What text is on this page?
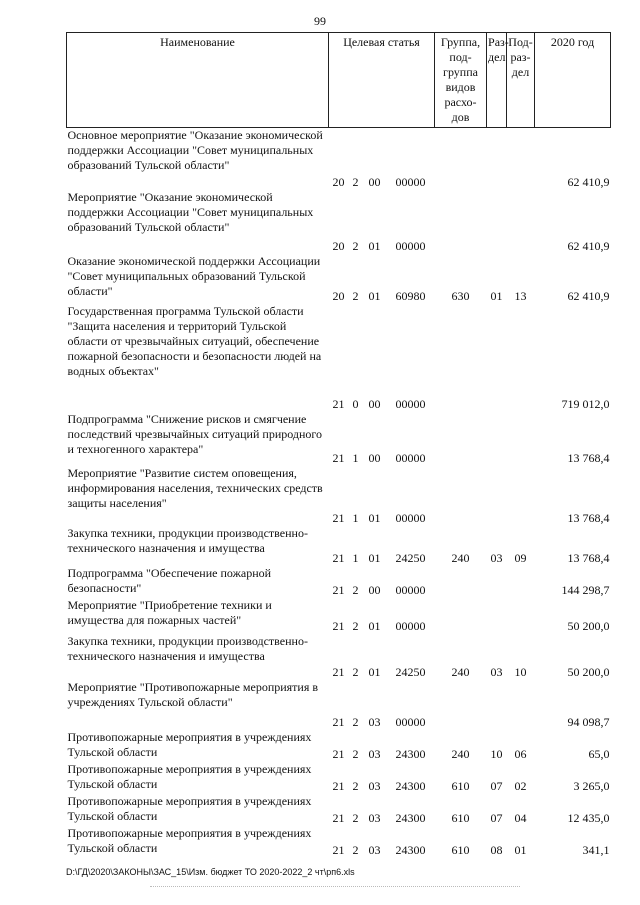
99
Наименование	Целевая статья				Группа, под-группа видов расхо-дов	Раз-дел	Под-раз-дел	2020 год
Основное мероприятие "Оказание экономической поддержки Ассоциации "Совет муниципальных образований Тульской области"	20	2	00	00000				62 410,9
Мероприятие "Оказание экономической поддержки Ассоциации "Совет муниципальных образований Тульской области"	20	2	01	00000				62 410,9
Оказание экономической поддержки Ассоциации "Совет муниципальных образований Тульской области"	20	2	01	60980	630	01	13	62 410,9
Государственная программа Тульской области "Защита населения и территорий Тульской области от чрезвычайных ситуаций, обеспечение пожарной безопасности и безопасности людей на водных объектах"	21	0	00	00000				719 012,0
Подпрограмма "Снижение рисков и смягчение последствий чрезвычайных ситуаций природного и техногенного характера"	21	1	00	00000				13 768,4
Мероприятие "Развитие систем оповещения, информирования населения, технических средств защиты населения"	21	1	01	00000				13 768,4
Закупка техники, продукции производственно-технического назначения и имущества	21	1	01	24250	240	03	09	13 768,4
Подпрограмма "Обеспечение пожарной безопасности"	21	2	00	00000				144 298,7
Мероприятие "Приобретение техники и имущества для пожарных частей"	21	2	01	00000				50 200,0
Закупка техники, продукции производственно-технического назначения и имущества	21	2	01	24250	240	03	10	50 200,0
Мероприятие "Противопожарные мероприятия в учреждениях Тульской области"	21	2	03	00000				94 098,7
Противопожарные мероприятия в учреждениях Тульской области	21	2	03	24300	240	10	06	65,0
Противопожарные мероприятия в учреждениях Тульской области	21	2	03	24300	610	07	02	3 265,0
Противопожарные мероприятия в учреждениях Тульской области	21	2	03	24300	610	07	04	12 435,0
Противопожарные мероприятия в учреждениях Тульской области	21	2	03	24300	610	08	01	341,1
D:\ГД\2020\ЗАКОНЫ\ЗАС_15\Изм. бюджет ТО 2020-2022_2 чт\рп6.xls
